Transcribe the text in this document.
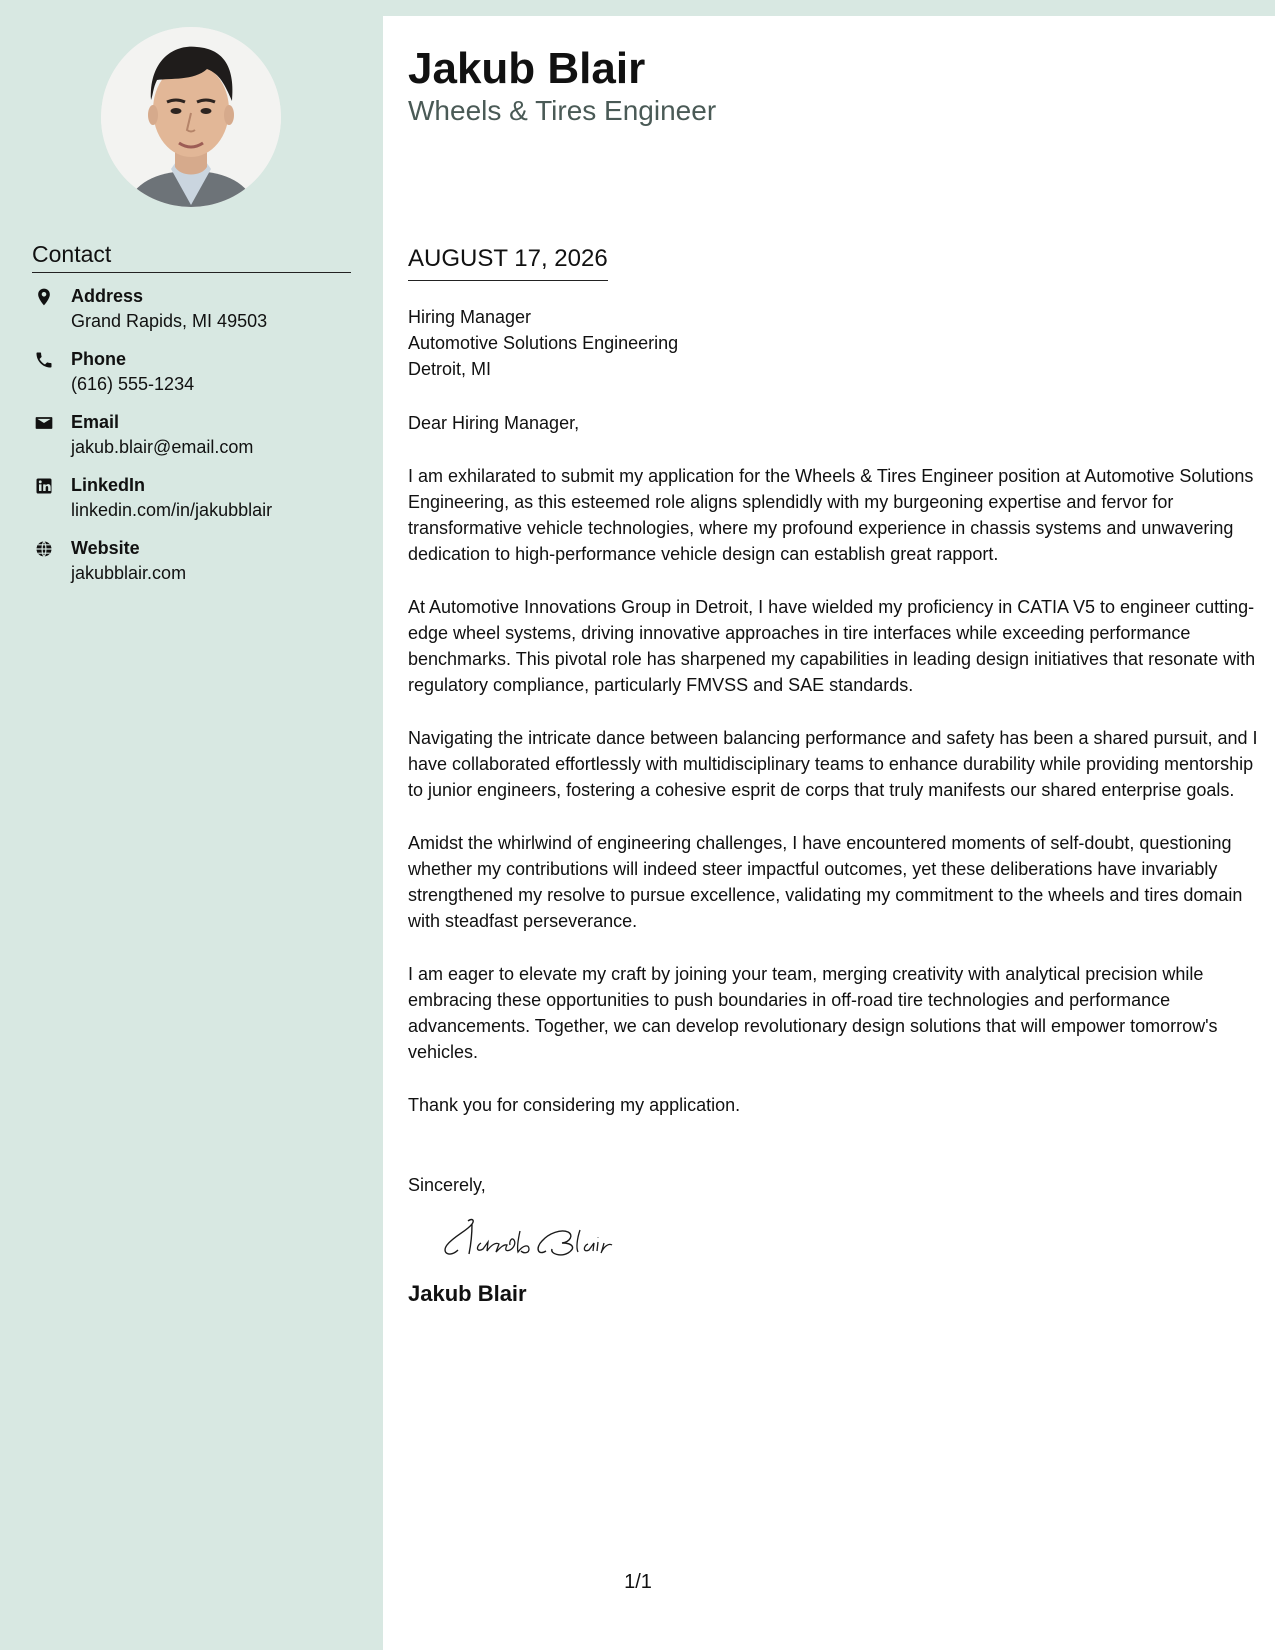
Contact
Address
Grand Rapids, MI 49503
Phone
(616) 555-1234
Email
jakub.blair@email.com
LinkedIn
linkedin.com/in/jakubblair
Website
jakubblair.com
Jakub Blair
Wheels & Tires Engineer
AUGUST 17, 2026
Hiring Manager
Automotive Solutions Engineering
Detroit, MI

Dear Hiring Manager,

I am exhilarated to submit my application for the Wheels & Tires Engineer position at Automotive Solutions Engineering, as this esteemed role aligns splendidly with my burgeoning expertise and fervor for transformative vehicle technologies, where my profound experience in chassis systems and unwavering dedication to high-performance vehicle design can establish great rapport.

At Automotive Innovations Group in Detroit, I have wielded my proficiency in CATIA V5 to engineer cutting-edge wheel systems, driving innovative approaches in tire interfaces while exceeding performance benchmarks. This pivotal role has sharpened my capabilities in leading design initiatives that resonate with regulatory compliance, particularly FMVSS and SAE standards.

Navigating the intricate dance between balancing performance and safety has been a shared pursuit, and I have collaborated effortlessly with multidisciplinary teams to enhance durability while providing mentorship to junior engineers, fostering a cohesive esprit de corps that truly manifests our shared enterprise goals.

Amidst the whirlwind of engineering challenges, I have encountered moments of self-doubt, questioning whether my contributions will indeed steer impactful outcomes, yet these deliberations have invariably strengthened my resolve to pursue excellence, validating my commitment to the wheels and tires domain with steadfast perseverance.

I am eager to elevate my craft by joining your team, merging creativity with analytical precision while embracing these opportunities to push boundaries in off-road tire technologies and performance advancements. Together, we can develop revolutionary design solutions that will empower tomorrow's vehicles.

Thank you for considering my application.

Sincerely,

Jakub Blair
1/1
